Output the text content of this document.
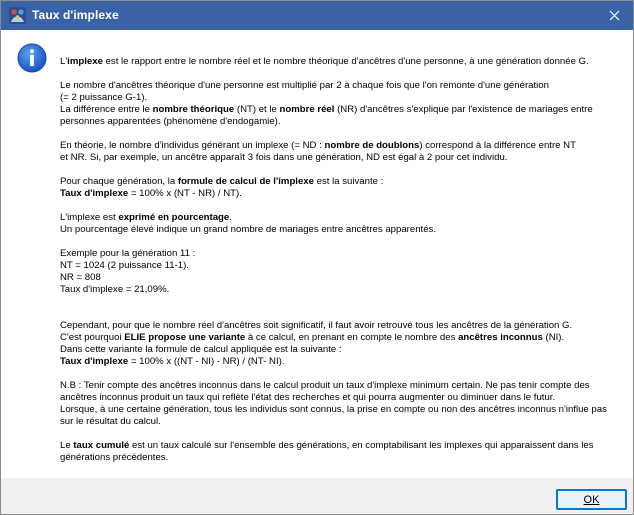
Taux d'implexe

L'implexe est le rapport entre le nombre réel et le nombre théorique d'ancêtres d'une personne, à une génération donnée G.

Le nombre d'ancêtres théorique d'une personne est multiplié par 2 à chaque fois que l'on remonte d'une génération
(= 2 puissance G-1).
La différence entre le nombre théorique (NT) et le nombre réel (NR) d'ancêtres s'explique par l'existence de mariages entre
personnes apparentées (phénomène d'endogamie).

En théorie, le nombre d'individus générant un implexe (= ND : nombre de doublons) correspond à la différence entre NT
et NR. Si, par exemple, un ancêtre apparaît 3 fois dans une génération, ND est égal à 2 pour cet individu.

Pour chaque génération, la formule de calcul de l'implexe est la suivante :
Taux d'implexe = 100% x (NT - NR) / NT).

L'implexe est exprimé en pourcentage.
Un pourcentage élevé indique un grand nombre de mariages entre ancêtres apparentés.

Exemple pour la génération 11 :
NT = 1024 (2 puissance 11-1).
NR = 808
Taux d'implexe = 21,09%.

Cependant, pour que le nombre réel d'ancêtres soit significatif, il faut avoir retrouvé tous les ancêtres de la génération G.
C'est pourquoi ELIE propose une variante à ce calcul, en prenant en compte le nombre des ancêtres inconnus (NI).
Dans cette variante la formule de calcul appliquée est la suivante :
Taux d'implexe = 100% x ((NT - NI) - NR) / (NT- NI).

N.B : Tenir compte des ancêtres inconnus dans le calcul produit un taux d'implexe minimum certain. Ne pas tenir compte des
ancêtres inconnus produit un taux qui reflète l'état des recherches et qui pourra augmenter ou diminuer dans le futur.
Lorsque, à une certaine génération, tous les individus sont connus, la prise en compte ou non des ancêtres inconnus n'influe pas
sur le résultat du calcul.

Le taux cumulé est un taux calculé sur l'ensemble des générations, en comptabilisant les implexes qui apparaissent dans les
générations précédentes.

OK
